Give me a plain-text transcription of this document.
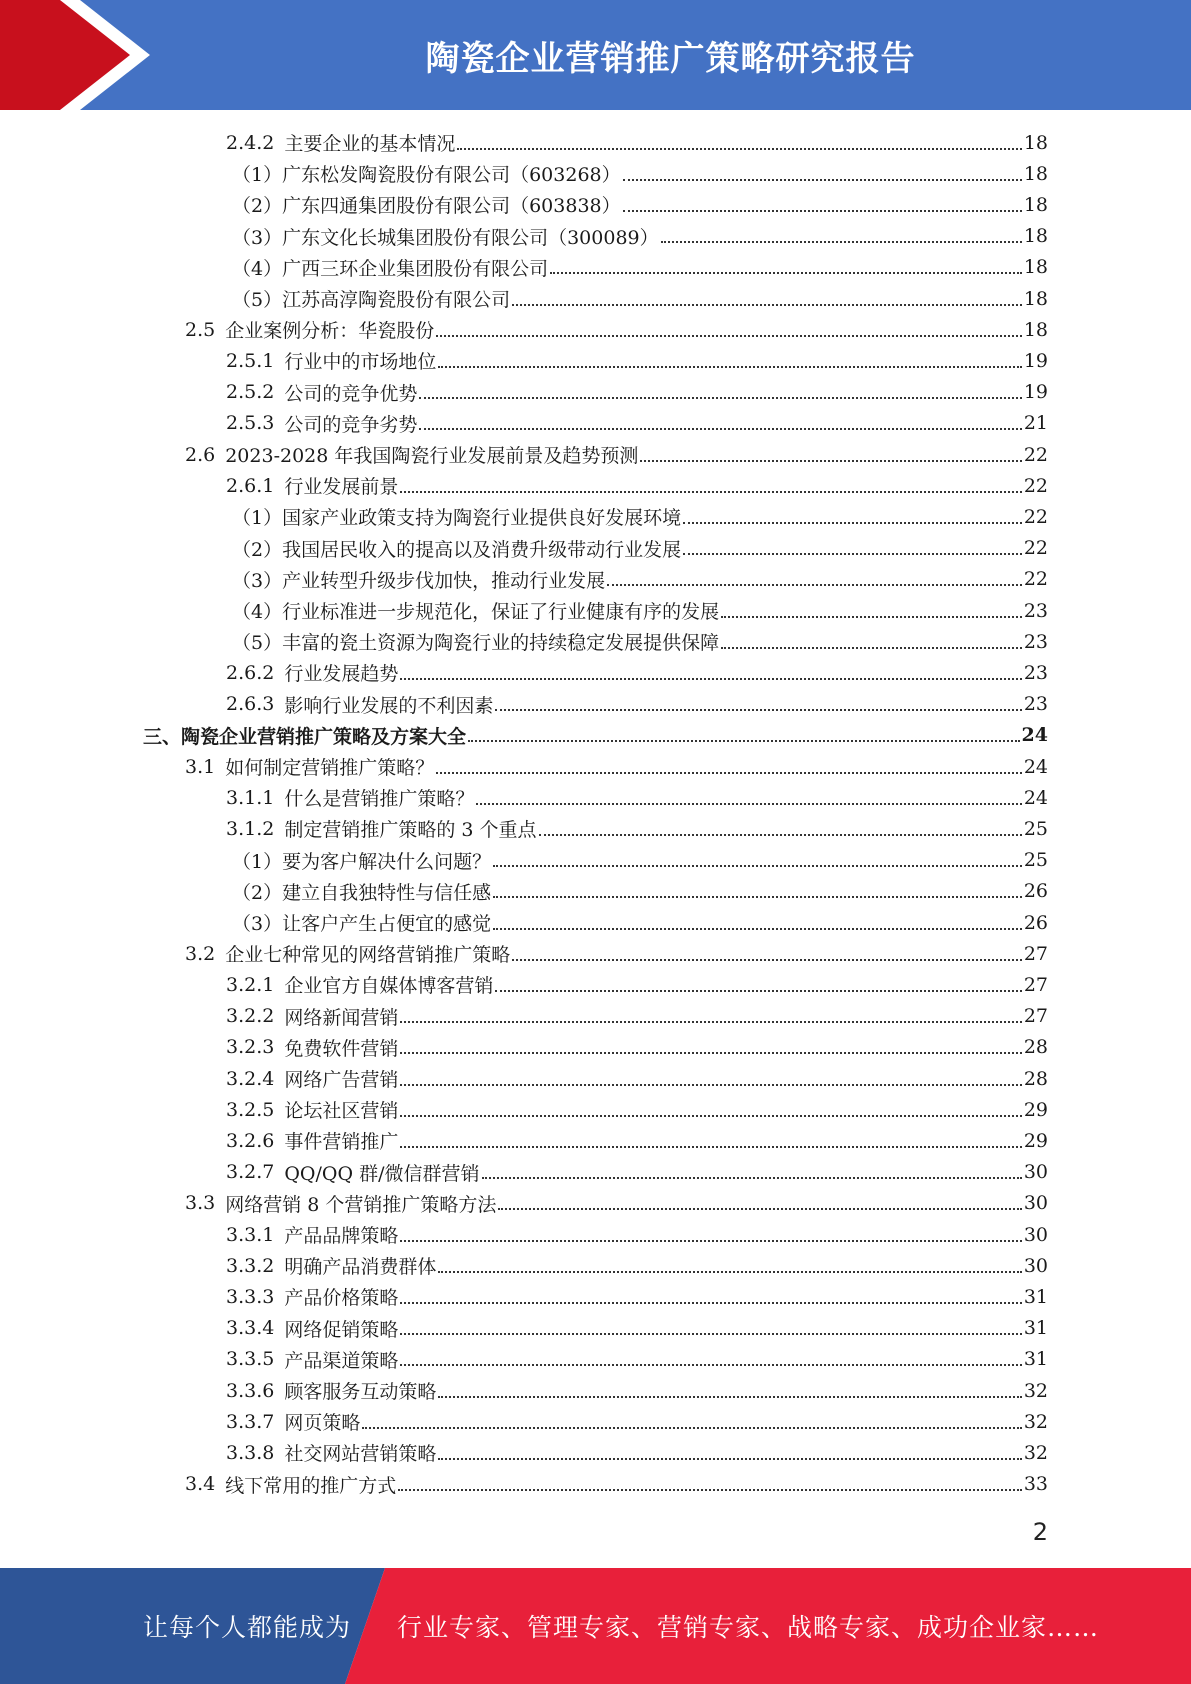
陶瓷企业营销推广策略研究报告
2.4.2 主要企业的基本情况	18
（1） 广东松发陶瓷股份有限公司（603268）	18
（2） 广东四通集团股份有限公司（603838）	18
（3） 广东文化长城集团股份有限公司（300089）	18
（4） 广西三环企业集团股份有限公司	18
（5） 江苏高淳陶瓷股份有限公司	18
2.5 企业案例分析：华瓷股份	18
2.5.1 行业中的市场地位	19
2.5.2 公司的竞争优势	19
2.5.3 公司的竞争劣势	21
2.6 2023-2028 年我国陶瓷行业发展前景及趋势预测	22
2.6.1 行业发展前景	22
（1） 国家产业政策支持为陶瓷行业提供良好发展环境	22
（2） 我国居民收入的提高以及消费升级带动行业发展	22
（3） 产业转型升级步伐加快，推动行业发展	22
（4） 行业标准进一步规范化，保证了行业健康有序的发展	23
（5） 丰富的瓷土资源为陶瓷行业的持续稳定发展提供保障	23
2.6.2 行业发展趋势	23
2.6.3 影响行业发展的不利因素	23
三、 陶瓷企业营销推广策略及方案大全	24
3.1 如何制定营销推广策略？	24
3.1.1 什么是营销推广策略？	24
3.1.2 制定营销推广策略的 3 个重点	25
（1） 要为客户解决什么问题？	25
（2） 建立自我独特性与信任感	26
（3） 让客户产生占便宜的感觉	26
3.2 企业七种常见的网络营销推广策略	27
3.2.1 企业官方自媒体博客营销	27
3.2.2 网络新闻营销	27
3.2.3 免费软件营销	28
3.2.4 网络广告营销	28
3.2.5 论坛社区营销	29
3.2.6 事件营销推广	29
3.2.7 QQ/QQ 群/微信群营销	30
3.3 网络营销 8 个营销推广策略方法	30
3.3.1 产品品牌策略	30
3.3.2 明确产品消费群体	30
3.3.3 产品价格策略	31
3.3.4 网络促销策略	31
3.3.5 产品渠道策略	31
3.3.6 顾客服务互动策略	32
3.3.7 网页策略	32
3.3.8 社交网站营销策略	32
3.4 线下常用的推广方式	33
2
让每个人都能成为 行业专家、管理专家、营销专家、战略专家、成功企业家……
